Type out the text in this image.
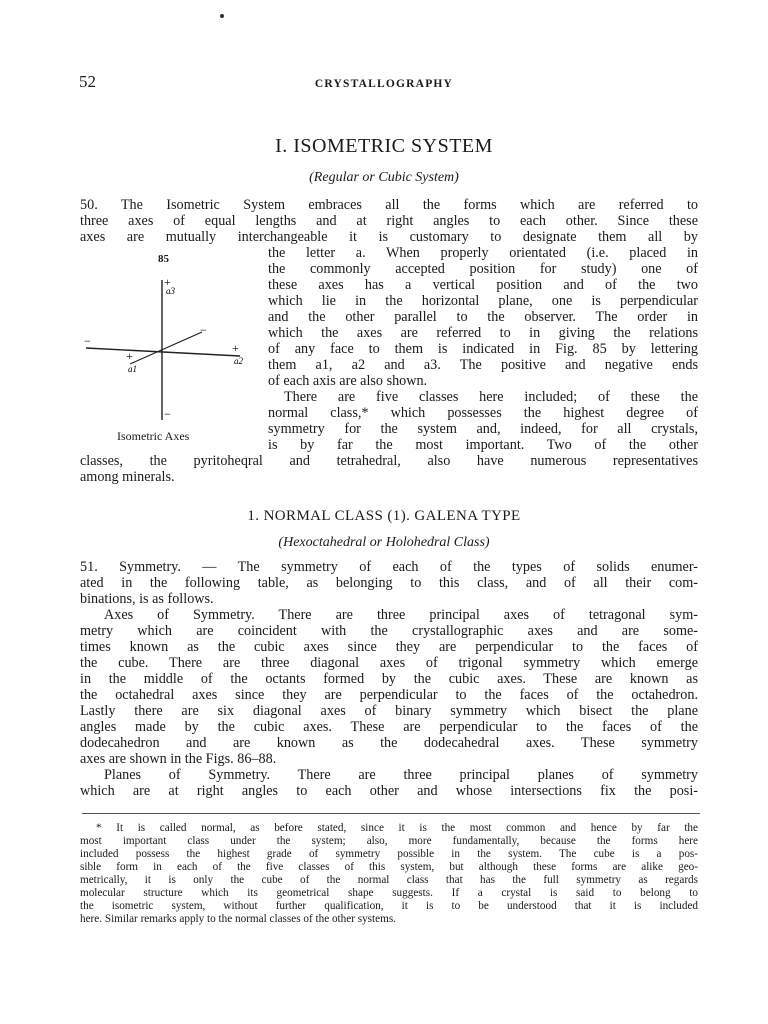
52	CRYSTALLOGRAPHY
I. ISOMETRIC SYSTEM
(Regular or Cubic System)
50. The Isometric System embraces all the forms which are referred to
three axes of equal lengths and at right angles to each other. Since these
axes are mutually interchangeable it is customary to designate them all by
the letter a. When properly orientated (i.e. placed in
the commonly accepted position for study) one of
these axes has a vertical position and of the two
which lie in the horizontal plane, one is perpendicular
and the other parallel to the observer. The order in
which the axes are referred to in giving the relations
of any face to them is indicated in Fig. 85 by lettering
them a1, a2 and a3. The positive and negative ends
of each axis are also shown.
There are five classes here included; of these the
normal class,* which possesses the highest degree of
symmetry for the system and, indeed, for all crystals,
is by far the most important. Two of the other
classes, the pyritoheqral and tetrahedral, also have numerous representatives
among minerals.
85
+
a3
−
−	+
a2
+
a1
−
Isometric Axes
1. NORMAL CLASS (1). GALENA TYPE
(Hexoctahedral or Holohedral Class)
51. Symmetry. — The symmetry of each of the types of solids enumer-
ated in the following table, as belonging to this class, and of all their com-
binations, is as follows.
Axes of Symmetry. There are three principal axes of tetragonal sym-
metry which are coincident with the crystallographic axes and are some-
times known as the cubic axes since they are perpendicular to the faces of
the cube. There are three diagonal axes of trigonal symmetry which emerge
in the middle of the octants formed by the cubic axes. These are known as
the octahedral axes since they are perpendicular to the faces of the octahedron.
Lastly there are six diagonal axes of binary symmetry which bisect the plane
angles made by the cubic axes. These are perpendicular to the faces of the
dodecahedron and are known as the dodecahedral axes. These symmetry
axes are shown in the Figs. 86–88.
Planes of Symmetry. There are three principal planes of symmetry
which are at right angles to each other and whose intersections fix the posi-
* It is called normal, as before stated, since it is the most common and hence by far the
most important class under the system; also, more fundamentally, because the forms here
included possess the highest grade of symmetry possible in the system. The cube is a pos-
sible form in each of the five classes of this system, but although these forms are alike geo-
metrically, it is only the cube of the normal class that has the full symmetry as regards
molecular structure which its geometrical shape suggests. If a crystal is said to belong to
the isometric system, without further qualification, it is to be understood that it is included
here. Similar remarks apply to the normal classes of the other systems.
